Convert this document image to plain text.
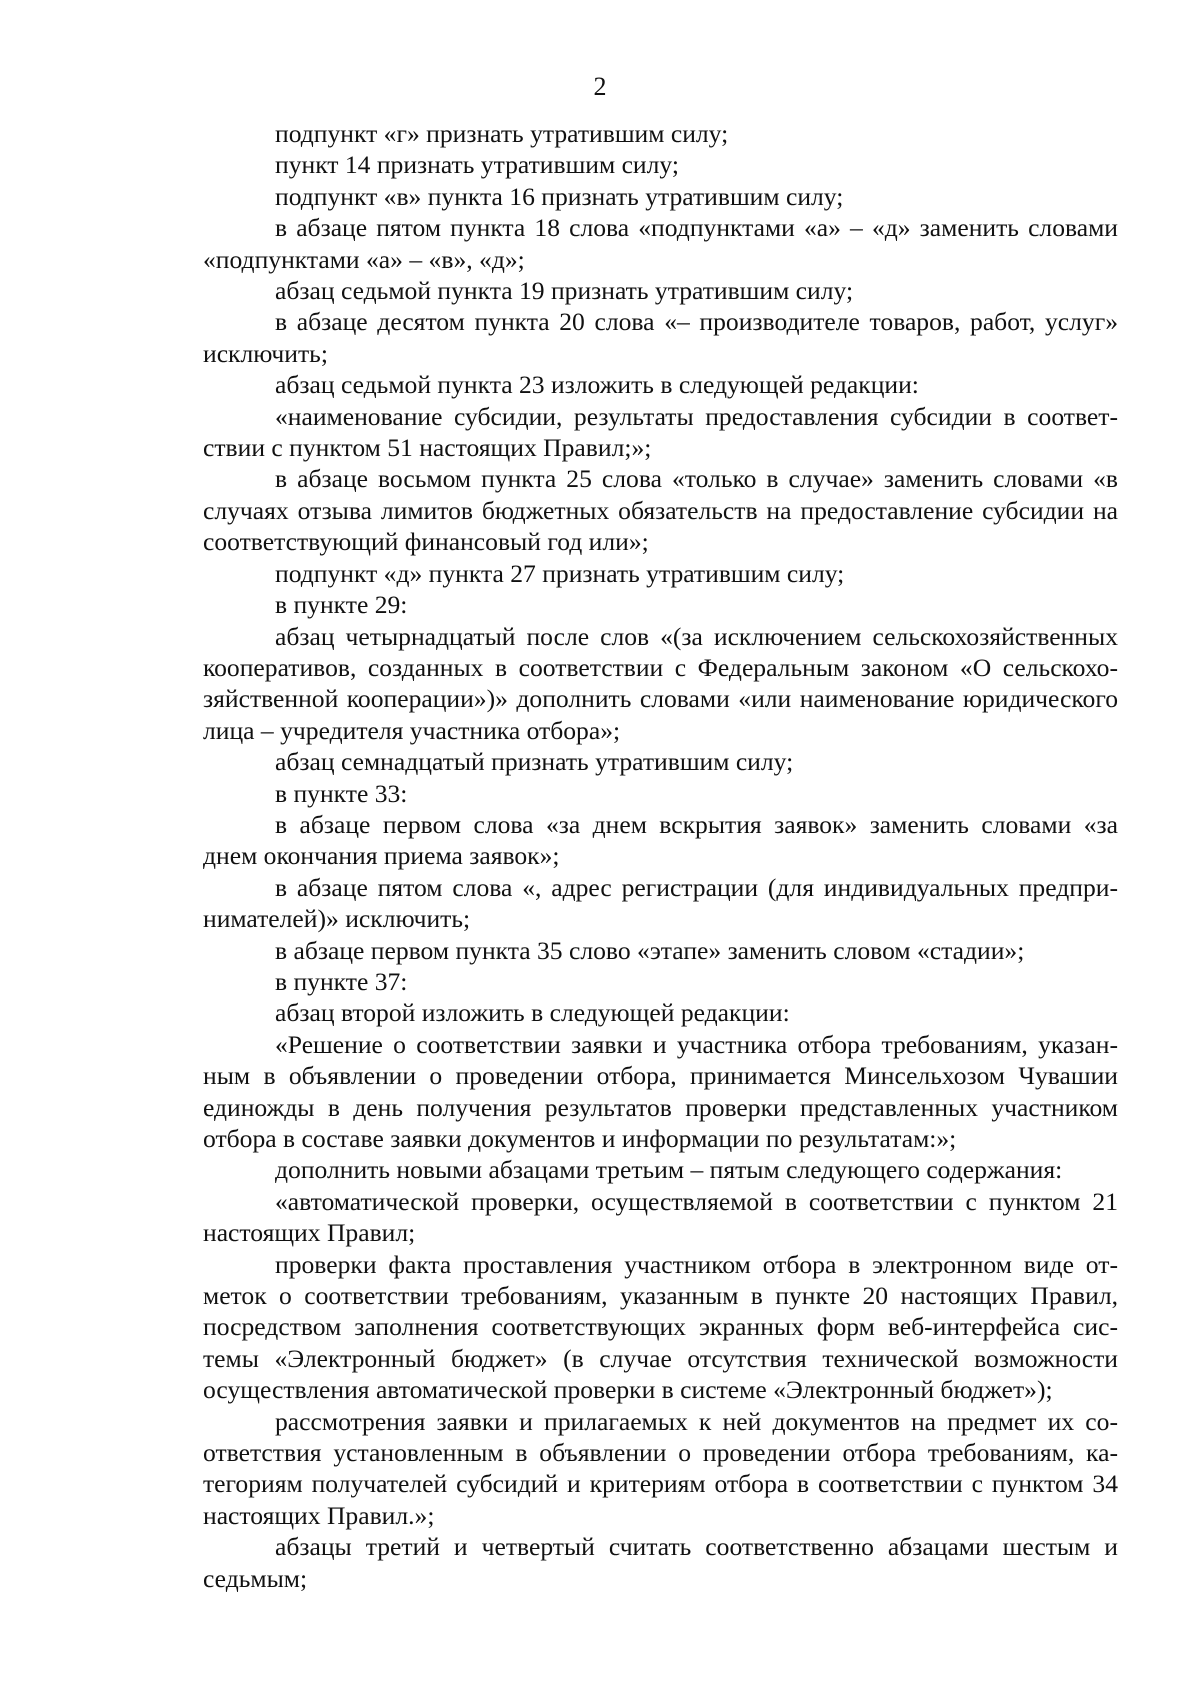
2

подпункт «г» признать утратившим силу;

пункт 14 признать утратившим силу;

подпункт «в» пункта 16 признать утратившим силу;

в абзаце пятом пункта 18 слова «подпунктами «а» – «д» заменить словами «подпунктами «а» – «в», «д»;

абзац седьмой пункта 19 признать утратившим силу;

в абзаце десятом пункта 20 слова «– производителе товаров, работ, услуг» исключить;

абзац седьмой пункта 23 изложить в следующей редакции:

«наименование субсидии, результаты предоставления субсидии в соответствии с пунктом 51 настоящих Правил;»;

в абзаце восьмом пункта 25 слова «только в случае» заменить словами «в случаях отзыва лимитов бюджетных обязательств на предоставление субсидии на соответствующий финансовый год или»;

подпункт «д» пункта 27 признать утратившим силу;

в пункте 29:

абзац четырнадцатый после слов «(за исключением сельскохозяйственных кооперативов, созданных в соответствии с Федеральным законом «О сельскохозяйственной кооперации»)» дополнить словами «или наименование юридического лица – учредителя участника отбора»;

абзац семнадцатый признать утратившим силу;

в пункте 33:

в абзаце первом слова «за днем вскрытия заявок» заменить словами «за днем окончания приема заявок»;

в абзаце пятом слова «, адрес регистрации (для индивидуальных предпринимателей)» исключить;

в абзаце первом пункта 35 слово «этапе» заменить словом «стадии»;

в пункте 37:

абзац второй изложить в следующей редакции:

«Решение о соответствии заявки и участника отбора требованиям, указанным в объявлении о проведении отбора, принимается Минсельхозом Чувашии единожды в день получения результатов проверки представленных участником отбора в составе заявки документов и информации по результатам:»;

дополнить новыми абзацами третьим – пятым следующего содержания:

«автоматической проверки, осуществляемой в соответствии с пунктом 21 настоящих Правил;

проверки факта проставления участником отбора в электронном виде отметок о соответствии требованиям, указанным в пункте 20 настоящих Правил, посредством заполнения соответствующих экранных форм веб-интерфейса системы «Электронный бюджет» (в случае отсутствия технической возможности осуществления автоматической проверки в системе «Электронный бюджет»);

рассмотрения заявки и прилагаемых к ней документов на предмет их соответствия установленным в объявлении о проведении отбора требованиям, категориям получателей субсидий и критериям отбора в соответствии с пунктом 34 настоящих Правил.»;

абзацы третий и четвертый считать соответственно абзацами шестым и седьмым;
